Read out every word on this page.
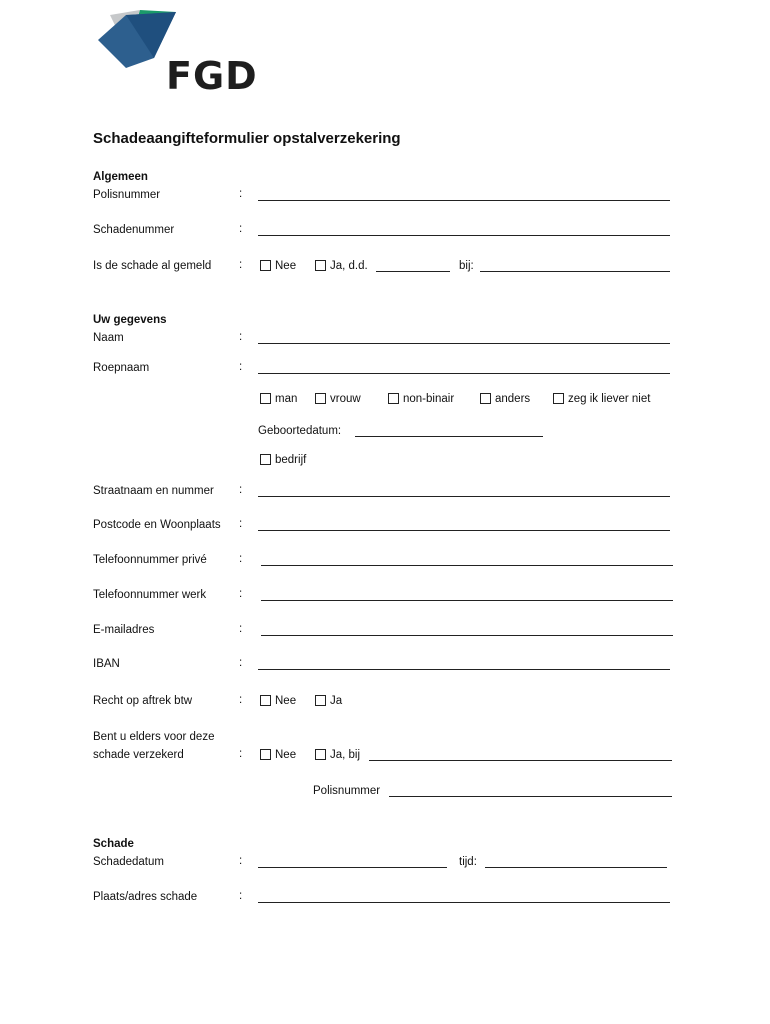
FGD
Schadeaangifteformulier opstalverzekering
Algemeen
Polisnummer	:
Schadenummer	:
Is de schade al gemeld :	Nee	Ja, d.d.	bij:
Uw gegevens
Naam	:
Roepnaam	:
man	vrouw	non-binair	anders	zeg ik liever niet
Geboortedatum:
bedrijf
Straatnaam en nummer :
Postcode en Woonplaats :
Telefoonnummer privé	:
Telefoonnummer werk	:
E-mailadres	:
IBAN	:
Recht op aftrek btw	:	Nee	Ja
Bent u elders voor deze
schade verzekerd	:	Nee	Ja, bij
Polisnummer
Schade
Schadedatum	:	tijd:
Plaats/adres schade	:
